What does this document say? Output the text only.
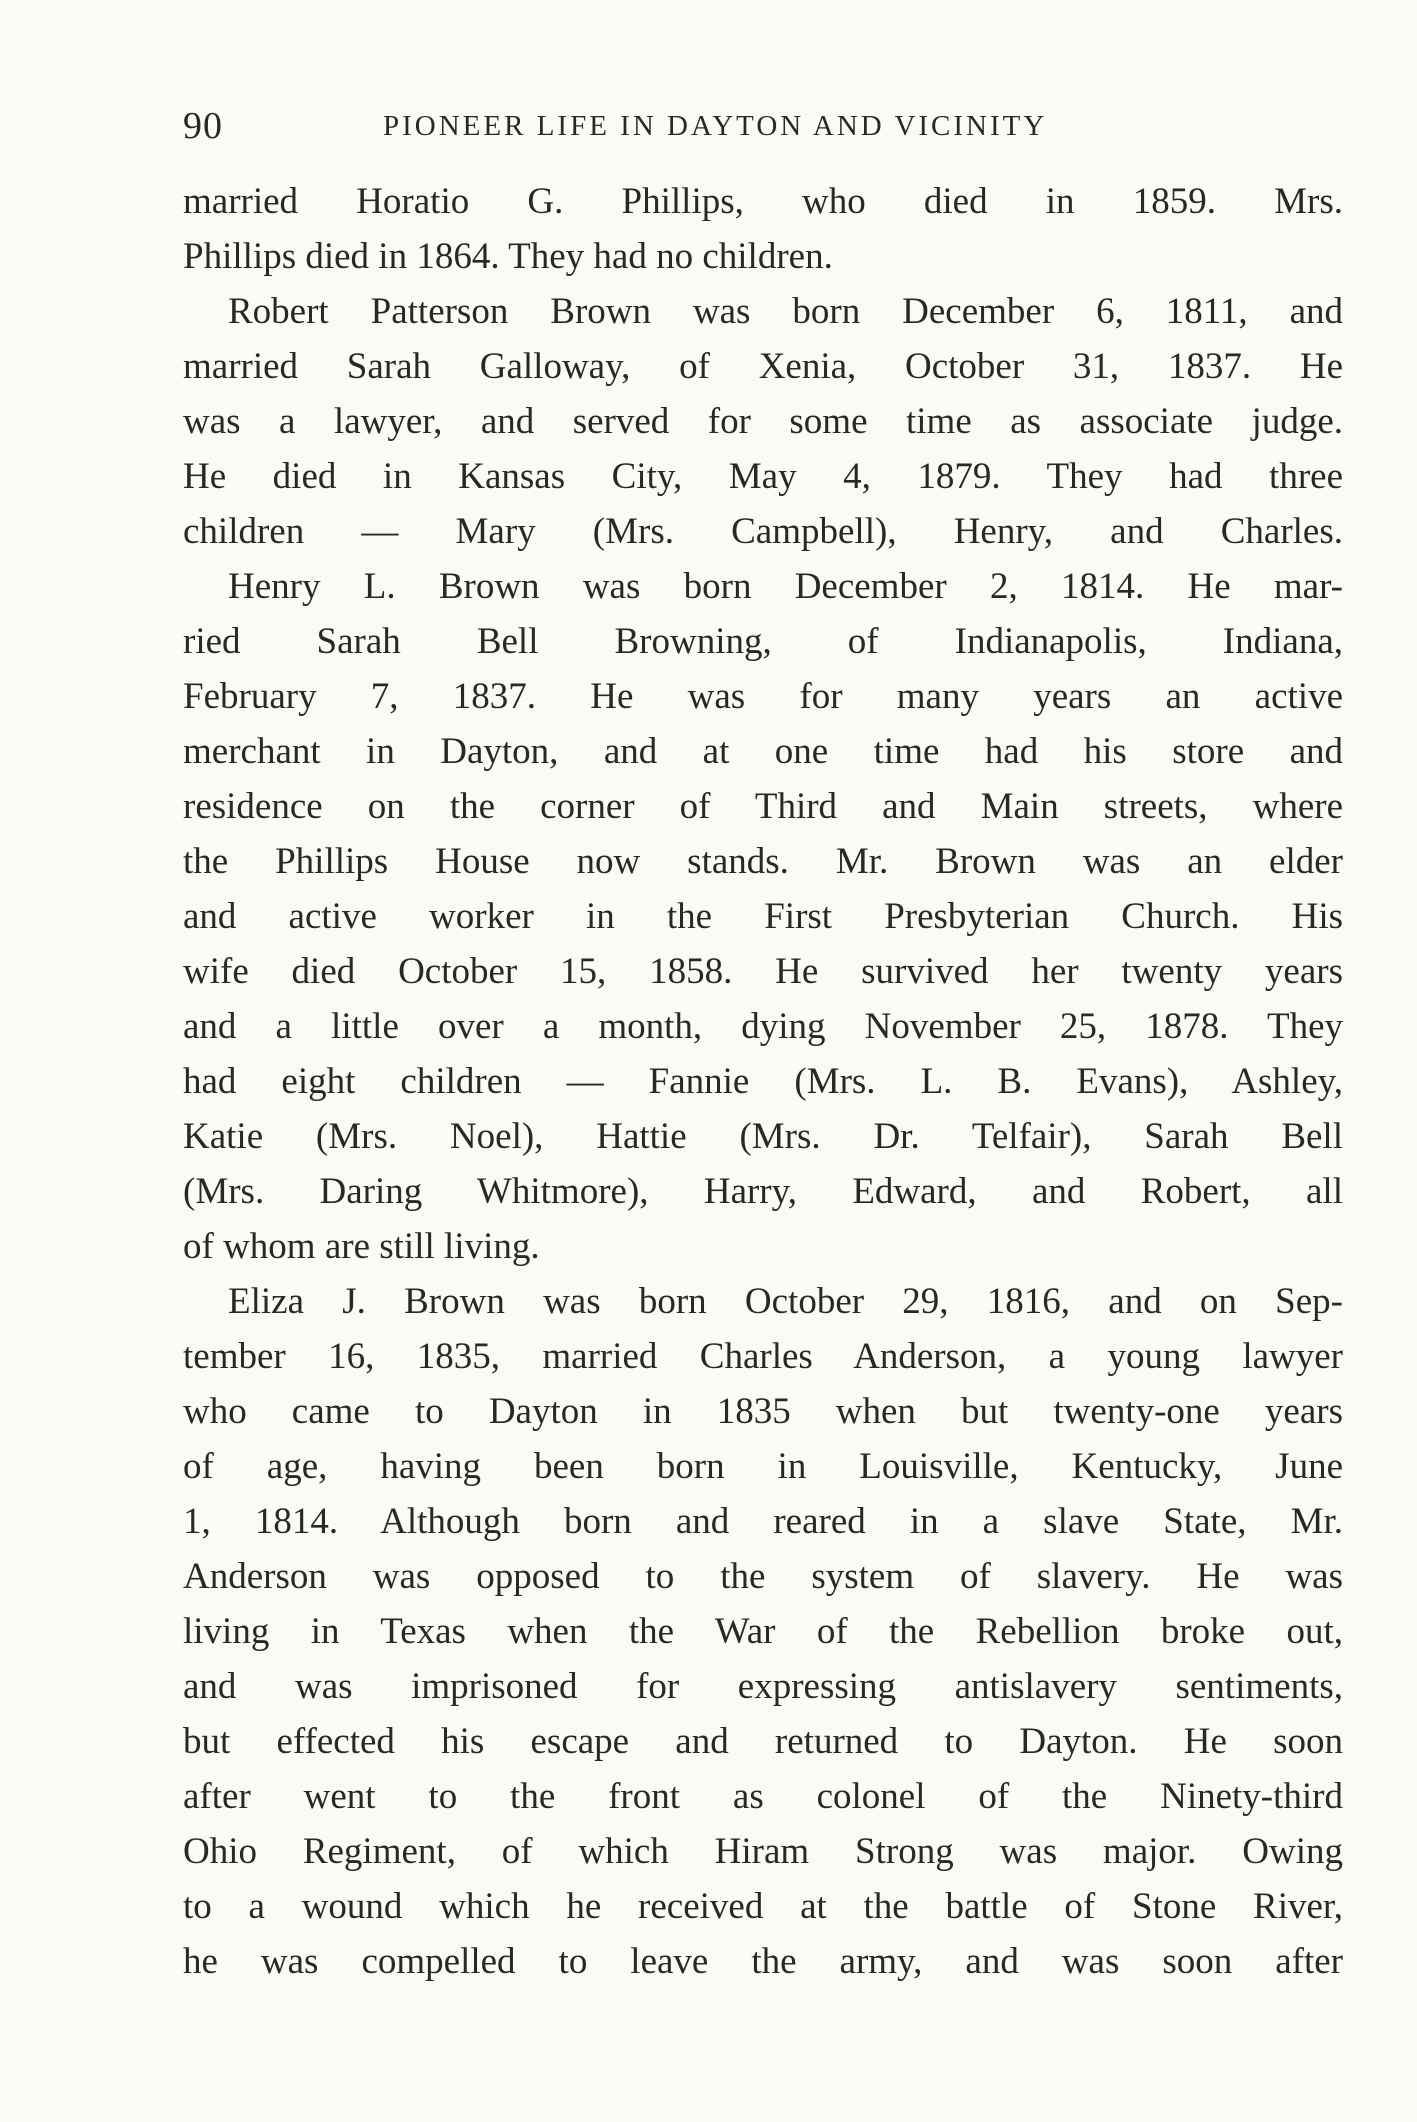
90	PIONEER LIFE IN DAYTON AND VICINITY
married Horatio G. Phillips, who died in 1859. Mrs.
Phillips died in 1864. They had no children.
Robert Patterson Brown was born December 6, 1811, and
married Sarah Galloway, of Xenia, October 31, 1837. He
was a lawyer, and served for some time as associate judge.
He died in Kansas City, May 4, 1879. They had three
children — Mary (Mrs. Campbell), Henry, and Charles.
Henry L. Brown was born December 2, 1814. He mar-
ried Sarah Bell Browning, of Indianapolis, Indiana,
February 7, 1837. He was for many years an active
merchant in Dayton, and at one time had his store and
residence on the corner of Third and Main streets, where
the Phillips House now stands. Mr. Brown was an elder
and active worker in the First Presbyterian Church. His
wife died October 15, 1858. He survived her twenty years
and a little over a month, dying November 25, 1878. They
had eight children — Fannie (Mrs. L. B. Evans), Ashley,
Katie (Mrs. Noel), Hattie (Mrs. Dr. Telfair), Sarah Bell
(Mrs. Daring Whitmore), Harry, Edward, and Robert, all
of whom are still living.
Eliza J. Brown was born October 29, 1816, and on Sep-
tember 16, 1835, married Charles Anderson, a young lawyer
who came to Dayton in 1835 when but twenty-one years
of age, having been born in Louisville, Kentucky, June
1, 1814. Although born and reared in a slave State, Mr.
Anderson was opposed to the system of slavery. He was
living in Texas when the War of the Rebellion broke out,
and was imprisoned for expressing antislavery sentiments,
but effected his escape and returned to Dayton. He soon
after went to the front as colonel of the Ninety-third
Ohio Regiment, of which Hiram Strong was major. Owing
to a wound which he received at the battle of Stone River,
he was compelled to leave the army, and was soon after
